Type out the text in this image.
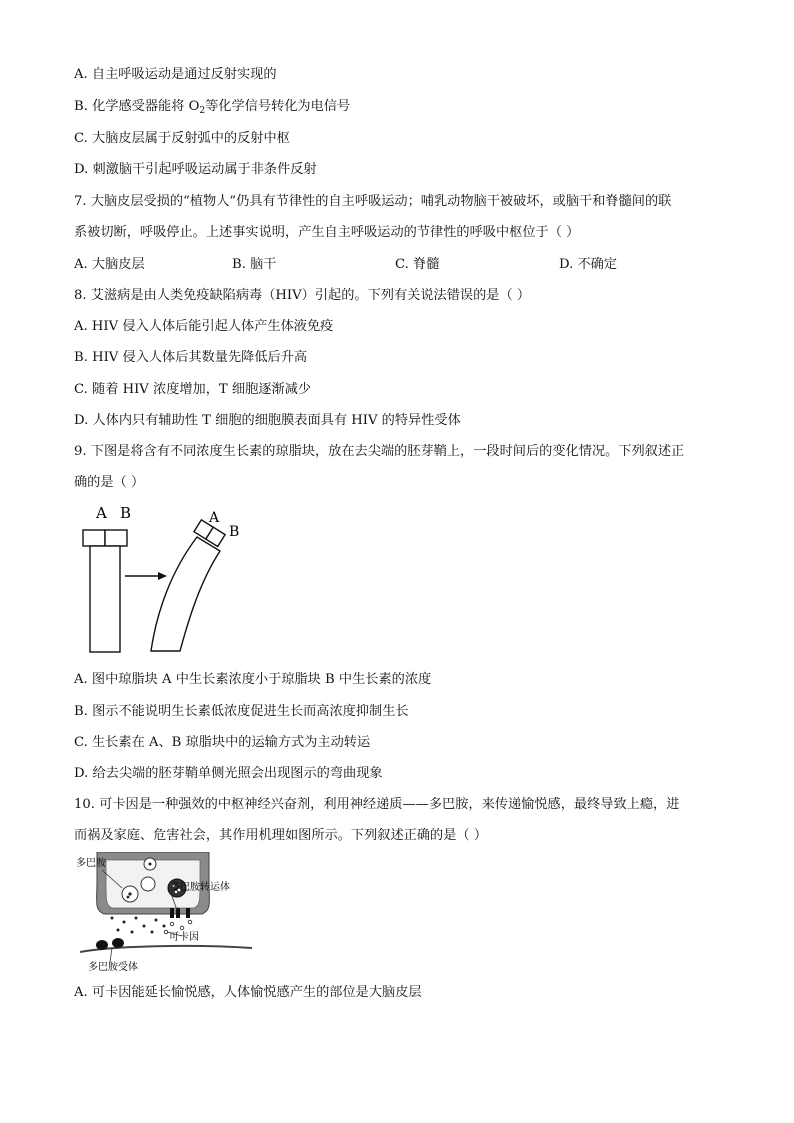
A. 自主呼吸运动是通过反射实现的
B. 化学感受器能将 $O_2$等化学信号转化为电信号
C. 大脑皮层属于反射弧中的反射中枢
D. 刺激脑干引起呼吸运动属于非条件反射
7. 大脑皮层受损的“植物人”仍具有节律性的自主呼吸运动；哺乳动物脑干被破坏，或脑干和脊髓间的联
系被切断，呼吸停止。上述事实说明，产生自主呼吸运动的节律性的呼吸中枢位于（ ）
A. 大脑皮层	B. 脑干	C. 脊髓	D. 不确定
8. 艾滋病是由人类免疫缺陷病毒（HIV）引起的。下列有关说法错误的是（ ）
A. HIV 侵入人体后能引起人体产生体液免疫
B. HIV 侵入人体后其数量先降低后升高
C. 随着 HIV 浓度增加，T 细胞逐渐减少
D. 人体内只有辅助性 T 细胞的细胞膜表面具有 HIV 的特异性受体
9. 下图是将含有不同浓度生长素的琼脂块，放在去尖端的胚芽鞘上，一段时间后的变化情况。下列叙述正
确的是（ ）
A B	A
B
A. 图中琼脂块 A 中生长素浓度小于琼脂块 B 中生长素的浓度
B. 图示不能说明生长素低浓度促进生长而高浓度抑制生长
C. 生长素在 A、B 琼脂块中的运输方式为主动转运
D. 给去尖端的胚芽鞘单侧光照会出现图示的弯曲现象
10. 可卡因是一种强效的中枢神经兴奋剂，利用神经递质——多巴胺，来传递愉悦感，最终导致上瘾，进
而祸及家庭、危害社会，其作用机理如图所示。下列叙述正确的是（ ）
多巴胺
多巴胺转运体
可卡因
多巴胺受体
A. 可卡因能延长愉悦感，人体愉悦感产生的部位是大脑皮层
